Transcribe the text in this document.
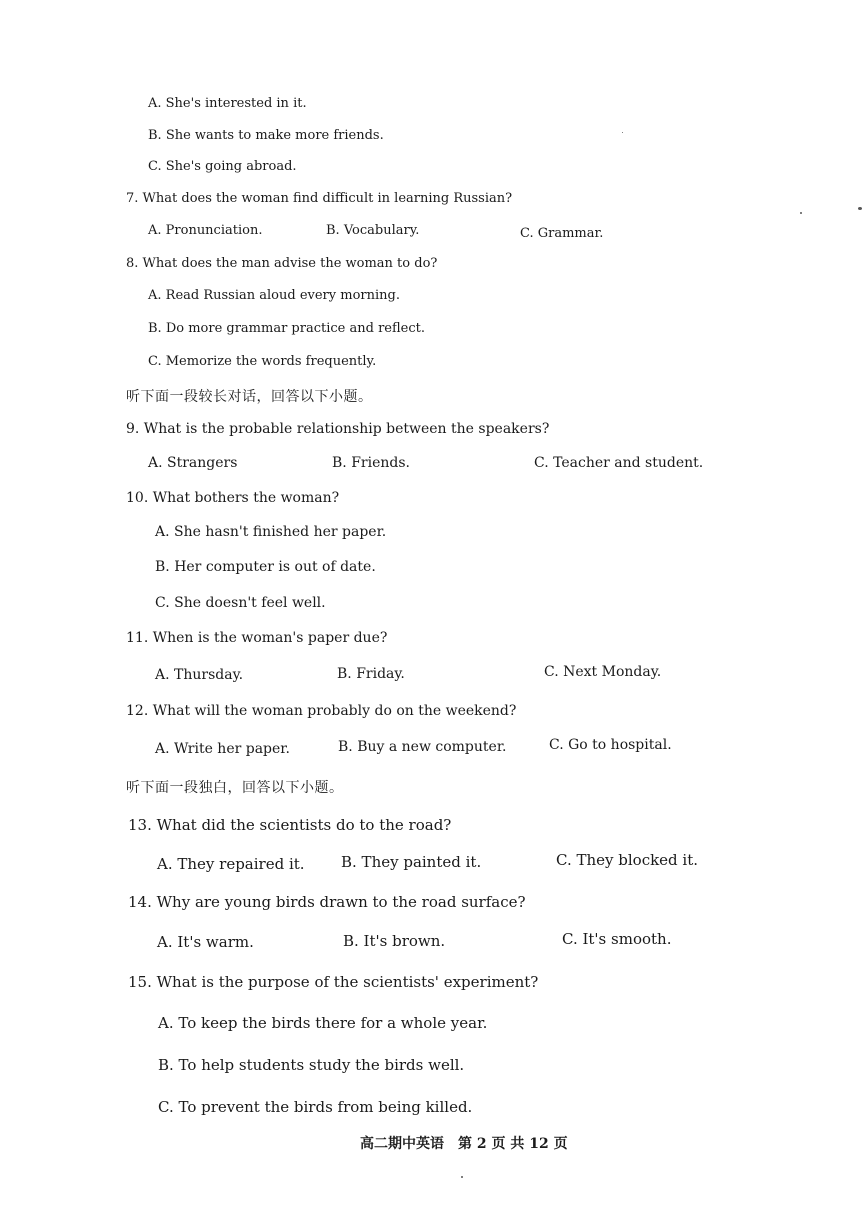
A. She's interested in it.

B. She wants to make more friends.

C. She's going abroad.

7. What does the woman find difficult in learning Russian?

A. Pronunciation.	B. Vocabulary.	C. Grammar.

8. What does the man advise the woman to do?

A. Read Russian aloud every morning.

B. Do more grammar practice and reflect.

C. Memorize the words frequently.

听下面一段较长对话，回答以下小题。

9. What is the probable relationship between the speakers?

A. Strangers	B. Friends.	C. Teacher and student.

10. What bothers the woman?

A. She hasn't finished her paper.

B. Her computer is out of date.

C. She doesn't feel well.

11. When is the woman's paper due?

A. Thursday.	B. Friday.	C. Next Monday.

12. What will the woman probably do on the weekend?

A. Write her paper.	B. Buy a new computer.	C. Go to hospital.

听下面一段独白，回答以下小题。

13. What did the scientists do to the road?

A. They repaired it. B. They painted it.	C. They blocked it.

14. Why are young birds drawn to the road surface?

A. It's warm.	B. It's brown.	C. It's smooth.

15. What is the purpose of the scientists' experiment?

A. To keep the birds there for a whole year.

B. To help students study the birds well.

C. To prevent the birds from being killed.

高二期中英语　第 2 页 共 12 页
